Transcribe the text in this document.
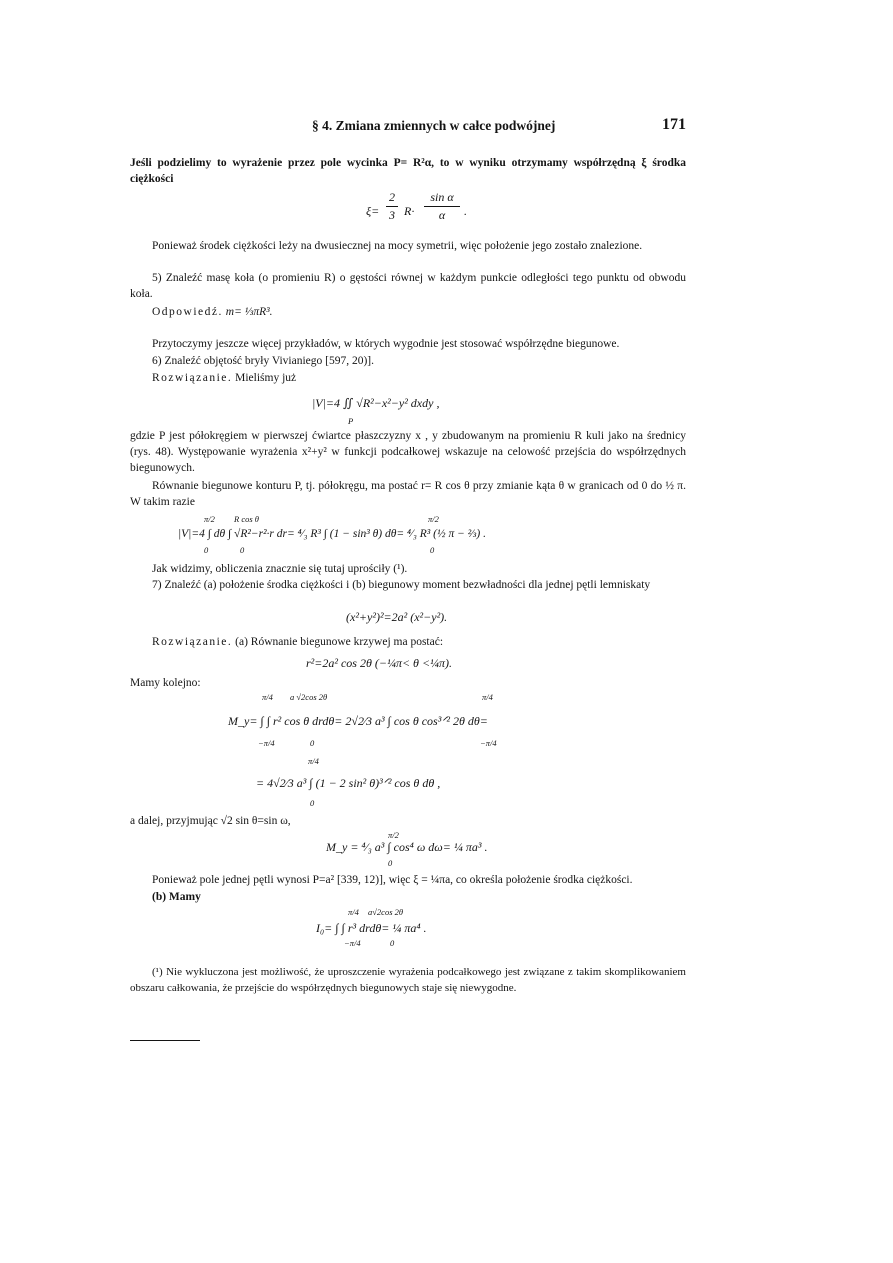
§ 4. Zmiana zmiennych w całce podwójnej	171

Jeśli podzielimy to wyrażenie przez pole wycinka P= R²α, to w wyniku otrzymamy współrzędną ξ środka ciężkości

ξ=
2
3 R·
sin α
α	.

Ponieważ środek ciężkości leży na dwusiecznej na mocy symetrii, więc położenie jego zostało znalezione.

5) Znaleźć masę koła (o promieniu R) o gęstości równej w każdym punkcie odległości tego punktu od obwodu koła.

Odpowiedź. m= ⅓πR³.

Przytoczymy jeszcze więcej przykładów, w których wygodnie jest stosować współrzędne biegunowe.

6) Znaleźć objętość bryły Vivianiego [597, 20)].

Rozwiązanie. Mieliśmy już

|V|=4 ∬ √R²−x²−y² dxdy ,
P

gdzie P jest półokręgiem w pierwszej ćwiartce płaszczyzny x , y zbudowanym na promieniu R kuli jako na średnicy (rys. 48). Występowanie wyrażenia x²+y² w funkcji podcałkowej wskazuje na celowość przejścia do współrzędnych biegunowych.

Równanie biegunowe konturu P, tj. półokręgu, ma postać r= R cos θ przy zmianie kąta θ w granicach od 0 do ½ π. W takim razie

π/2 R cos θ	π/2
|V|=4 ∫ dθ ∫ √R²−r²·r dr= ⁴⁄₃ R³ ∫ (1 − sin³ θ) dθ= ⁴⁄₃ R³ (½ π − ⅔) .
0	0	0

Jak widzimy, obliczenia znacznie się tutaj uprościły (¹).

7) Znaleźć (a) położenie środka ciężkości i (b) biegunowy moment bezwładności dla jednej pętli lemniskaty

(x²+y²)²=2a² (x²−y²).

Rozwiązanie. (a) Równanie biegunowe krzywej ma postać:

r²=2a² cos 2θ (−¼π< θ <¼π).

Mamy kolejno:

π/4 a √2cos 2θ	π/4
M_y= ∫ ∫ r² cos θ drdθ= 2√2⁄3 a³ ∫ cos θ cos³ᐟ² 2θ dθ=
−π/4	0	−π/4
π/4
= 4√2⁄3 a³ ∫ (1 − 2 sin² θ)³ᐟ² cos θ dθ ,
0

a dalej, przyjmując √2 sin θ=sin ω,

π/2
M_y = ⁴⁄₃ a³ ∫ cos⁴ ω dω= ¼ πa³ .
0

Ponieważ pole jednej pętli wynosi P=a² [339, 12)], więc ξ = ¼πa, co określa położenie środka ciężkości.

(b) Mamy

π/4 a√2cos 2θ
I₀= ∫ ∫ r³ drdθ= ¼ πa⁴ .
−π/4	0

(¹) Nie wykluczona jest możliwość, że uproszczenie wyrażenia podcałkowego jest związane z takim skomplikowaniem obszaru całkowania, że przejście do współrzędnych biegunowych staje się niewygodne.
